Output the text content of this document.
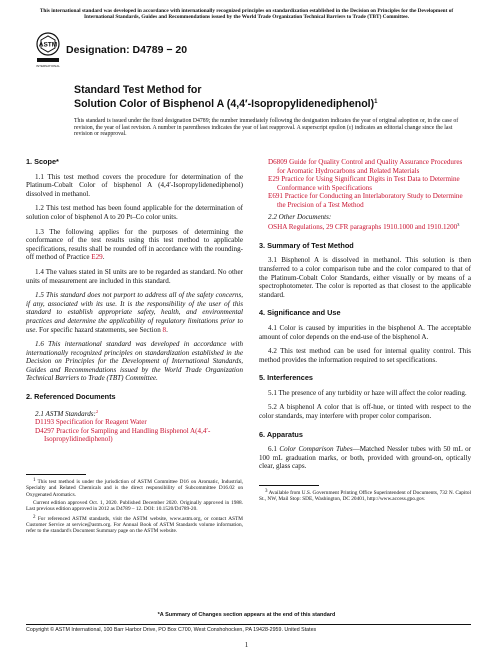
This international standard was developed in accordance with internationally recognized principles on standardization established in the Decision on Principles for the Development of International Standards, Guides and Recommendations issued by the World Trade Organization Technical Barriers to Trade (TBT) Committee.
ASTM
INTERNATIONAL
Designation: D4789 − 20
Standard Test Method for
Solution Color of Bisphenol A (4,4′-Isopropylidenediphenol)$^1$
This standard is issued under the fixed designation D4789; the number immediately following the designation indicates the year of original adoption or, in the case of revision, the year of last revision. A number in parentheses indicates the year of last reapproval. A superscript epsilon (ε) indicates an editorial change since the last revision or reapproval.
1. Scope*
1.1 This test method covers the procedure for determination of the Platinum-Cobalt Color of bisphenol A (4,4′-Isopropylidenediphenol) dissolved in methanol.
1.2 This test method has been found applicable for the determination of solution color of bisphenol A to 20 Pt–Co color units.
1.3 The following applies for the purposes of determining the conformance of the test results using this test method to applicable specifications, results shall be rounded off in accordance with the rounding-off method of Practice E29.
1.4 The values stated in SI units are to be regarded as standard. No other units of measurement are included in this standard.
1.5 This standard does not purport to address all of the safety concerns, if any, associated with its use. It is the responsibility of the user of this standard to establish appropriate safety, health, and environmental practices and determine the applicability of regulatory limitations prior to use. For specific hazard statements, see Section 8.
1.6 This international standard was developed in accordance with internationally recognized principles on standardization established in the Decision on Principles for the Development of International Standards, Guides and Recommendations issued by the World Trade Organization Technical Barriers to Trade (TBT) Committee.
2. Referenced Documents
2.1 ASTM Standards:$^2$
D1193 Specification for Reagent Water
D4297 Practice for Sampling and Handling Bisphenol A(4,4′-Isopropylidinediphenol)
1 This test method is under the jurisdiction of ASTM Committee D16 on Aromatic, Industrial, Specialty and Related Chemicals and is the direct responsibility of Subcommittee D16.02 on Oxygenated Aromatics.
Current edition approved Oct. 1, 2020. Published December 2020. Originally approved in 1988. Last previous edition approved in 2012 as D4789 – 12. DOI: 10.1520/D4789-20.
2 For referenced ASTM standards, visit the ASTM website, www.astm.org, or contact ASTM Customer Service at service@astm.org. For Annual Book of ASTM Standards volume information, refer to the standard's Document Summary page on the ASTM website.
D6809 Guide for Quality Control and Quality Assurance Procedures for Aromatic Hydrocarbons and Related Materials
E29 Practice for Using Significant Digits in Test Data to Determine Conformance with Specifications
E691 Practice for Conducting an Interlaboratory Study to Determine the Precision of a Test Method
2.2 Other Documents:
OSHA Regulations, 29 CFR paragraphs 1910.1000 and 1910.1200$^3$
3. Summary of Test Method
3.1 Bisphenol A is dissolved in methanol. This solution is then transferred to a color comparison tube and the color compared to that of the Platinum-Cobalt Color Standards, either visually or by means of a spectrophotometer. The color is reported as that closest to the applicable standard.
4. Significance and Use
4.1 Color is caused by impurities in the bisphenol A. The acceptable amount of color depends on the end-use of the bisphenol A.
4.2 This test method can be used for internal quality control. This method provides the information required to set specifications.
5. Interferences
5.1 The presence of any turbidity or haze will affect the color reading.
5.2 A bisphenol A color that is off-hue, or tinted with respect to the color standards, may interfere with proper color comparison.
6. Apparatus
6.1 Color Comparison Tubes—Matched Nessler tubes with 50 mL or 100 mL graduation marks, or both, provided with ground-on, optically clear, glass caps.
3 Available from U.S. Government Printing Office Superintendent of Documents, 732 N. Capitol St., NW, Mail Stop: SDE, Washington, DC 20401, http://www.access.gpo.gov.
*A Summary of Changes section appears at the end of this standard
Copyright © ASTM International, 100 Barr Harbor Drive, PO Box C700, West Conshohocken, PA 19428-2959. United States
1
